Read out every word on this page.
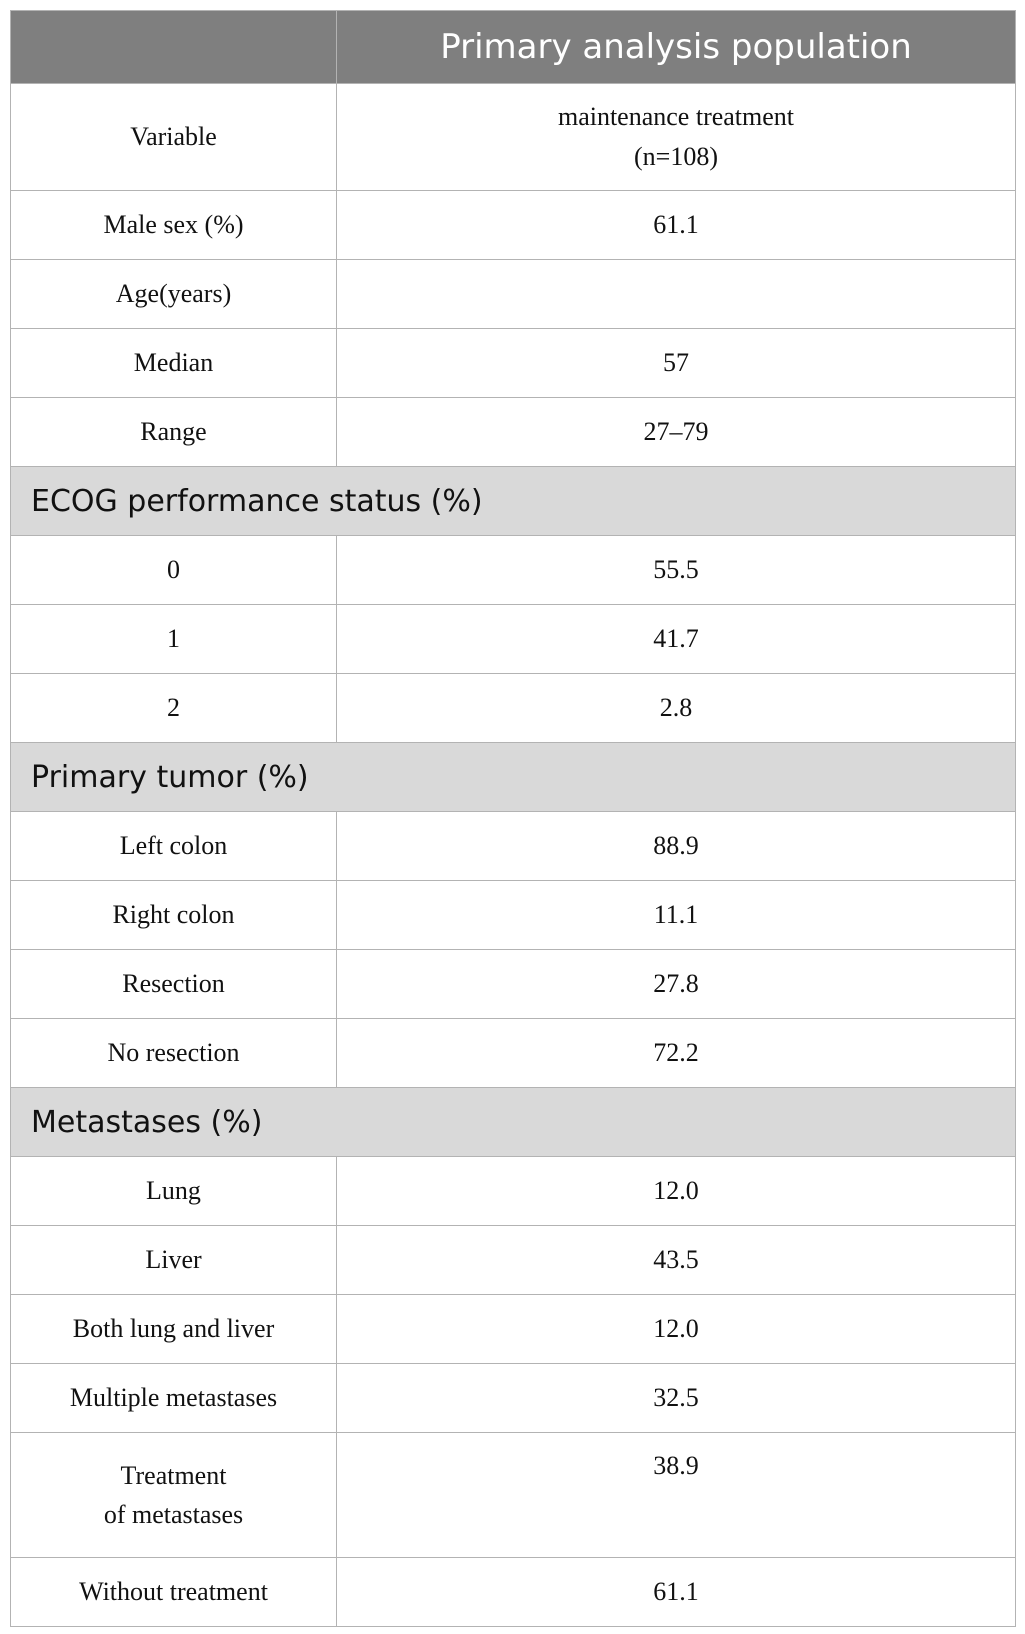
	Primary analysis population
Variable	maintenance treatment
(n=108)

Male sex (%)	61.1
Age(years)	
Median	57
Range	27–79
ECOG performance status (%)	
0	55.5
1	41.7
2	2.8
Primary tumor (%)	
Left colon	88.9
Right colon	11.1
Resection	27.8
No resection	72.2
Metastases (%)	
Lung	12.0
Liver	43.5
Both lung and liver	12.0
Multiple metastases	32.5

Treatment
of metastases	38.9
Without treatment	61.1
